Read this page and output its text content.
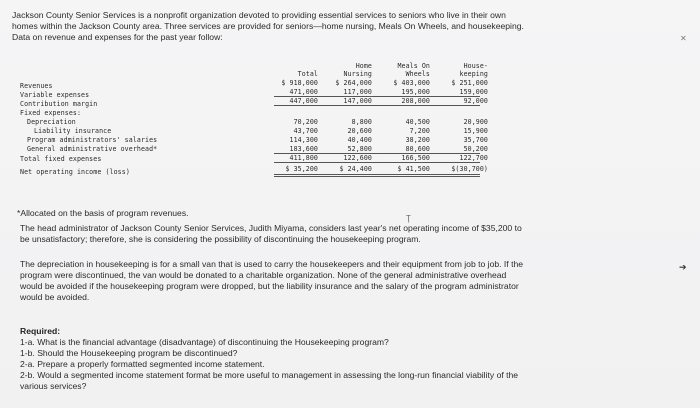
Jackson County Senior Services is a nonprofit organization devoted to providing essential services to seniors who live in their own
homes within the Jackson County area. Three services are provided for seniors—home nursing, Meals On Wheels, and housekeeping.
Data on revenue and expenses for the past year follow:	✕
Home	Meals On	House-
Total	Nursing	Wheels	keeping
Revenues	$ 918,000	$ 264,000	$ 403,000	$ 251,000
Variable expenses	471,000	117,000	195,000	159,000
Contribution margin	447,000	147,000	208,000	92,000
Fixed expenses:
Depreciation	70,200	8,800	40,500	20,900
Liability insurance	43,700	20,600	7,200	15,900
Program administrators' salaries	114,300	40,400	38,200	35,700
General administrative overhead*	183,600	52,800	80,600	50,200
Total fixed expenses	411,800	122,600	166,500	122,700
Net operating income (loss)	$ 35,200	$ 24,400	$ 41,500	$(30,700)
*Allocated on the basis of program revenues.
Ţ
The head administrator of Jackson County Senior Services, Judith Miyama, considers last year's net operating income of $35,200 to
be unsatisfactory; therefore, she is considering the possibility of discontinuing the housekeeping program.
The depreciation in housekeeping is for a small van that is used to carry the housekeepers and their equipment from job to job. If the
program were discontinued, the van would be donated to a charitable organization. None of the general administrative overhead
would be avoided if the housekeeping program were dropped, but the liability insurance and the salary of the program administrator
would be avoided.
➔
Required:
1-a. What is the financial advantage (disadvantage) of discontinuing the Housekeeping program?
1-b. Should the Housekeeping program be discontinued?
2-a. Prepare a properly formatted segmented income statement.
2-b. Would a segmented income statement format be more useful to management in assessing the long-run financial viability of the
various services?
